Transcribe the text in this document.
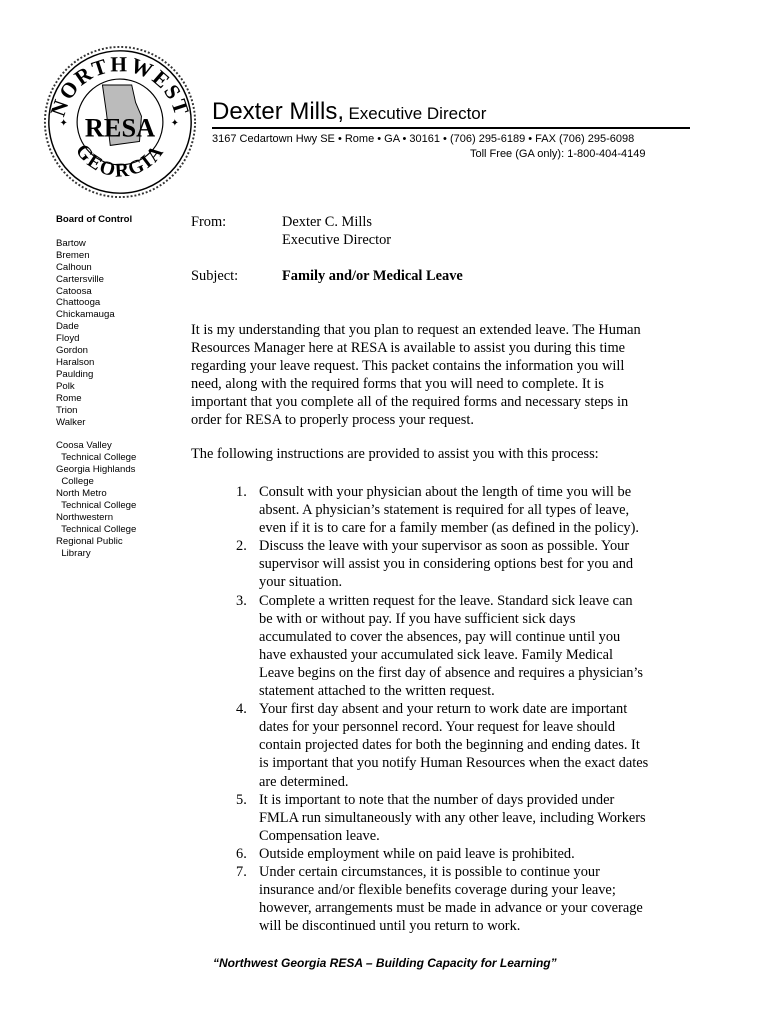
NORTHWEST
GEORGIA
RESA
✦	✦ Dexter Mills, Executive Director
3167 Cedartown Hwy SE • Rome • GA • 30161 • (706) 295-6189 • FAX (706) 295-6098
Toll Free (GA only): 1-800-404-4149
Board of Control
Bartow
Bremen
Calhoun
Cartersville
Catoosa
Chattooga
Chickamauga
Dade
Floyd
Gordon
Haralson
Paulding
Polk
Rome
Trion
Walker
Coosa Valley
Technical College
Georgia Highlands
College
North Metro
Technical College
Northwestern
Technical College
Regional Public
Library
From:	Dexter C. Mills
Executive Director
Subject:	Family and/or Medical Leave
It is my understanding that you plan to request an extended leave. The Human
Resources Manager here at RESA is available to assist you during this time
regarding your leave request. This packet contains the information you will
need, along with the required forms that you will need to complete. It is
important that you complete all of the required forms and necessary steps in
order for RESA to properly process your request.
The following instructions are provided to assist you with this process:
1. Consult with your physician about the length of time you will be
absent. A physician’s statement is required for all types of leave,
even if it is to care for a family member (as defined in the policy).
2. Discuss the leave with your supervisor as soon as possible. Your
supervisor will assist you in considering options best for you and
your situation.
3. Complete a written request for the leave. Standard sick leave can
be with or without pay. If you have sufficient sick days
accumulated to cover the absences, pay will continue until you
have exhausted your accumulated sick leave. Family Medical
Leave begins on the first day of absence and requires a physician’s
statement attached to the written request.
4. Your first day absent and your return to work date are important
dates for your personnel record. Your request for leave should
contain projected dates for both the beginning and ending dates. It
is important that you notify Human Resources when the exact dates
are determined.
5. It is important to note that the number of days provided under
FMLA run simultaneously with any other leave, including Workers
Compensation leave.
6. Outside employment while on paid leave is prohibited.
7. Under certain circumstances, it is possible to continue your
insurance and/or flexible benefits coverage during your leave;
however, arrangements must be made in advance or your coverage
will be discontinued until you return to work.
“Northwest Georgia RESA – Building Capacity for Learning”
